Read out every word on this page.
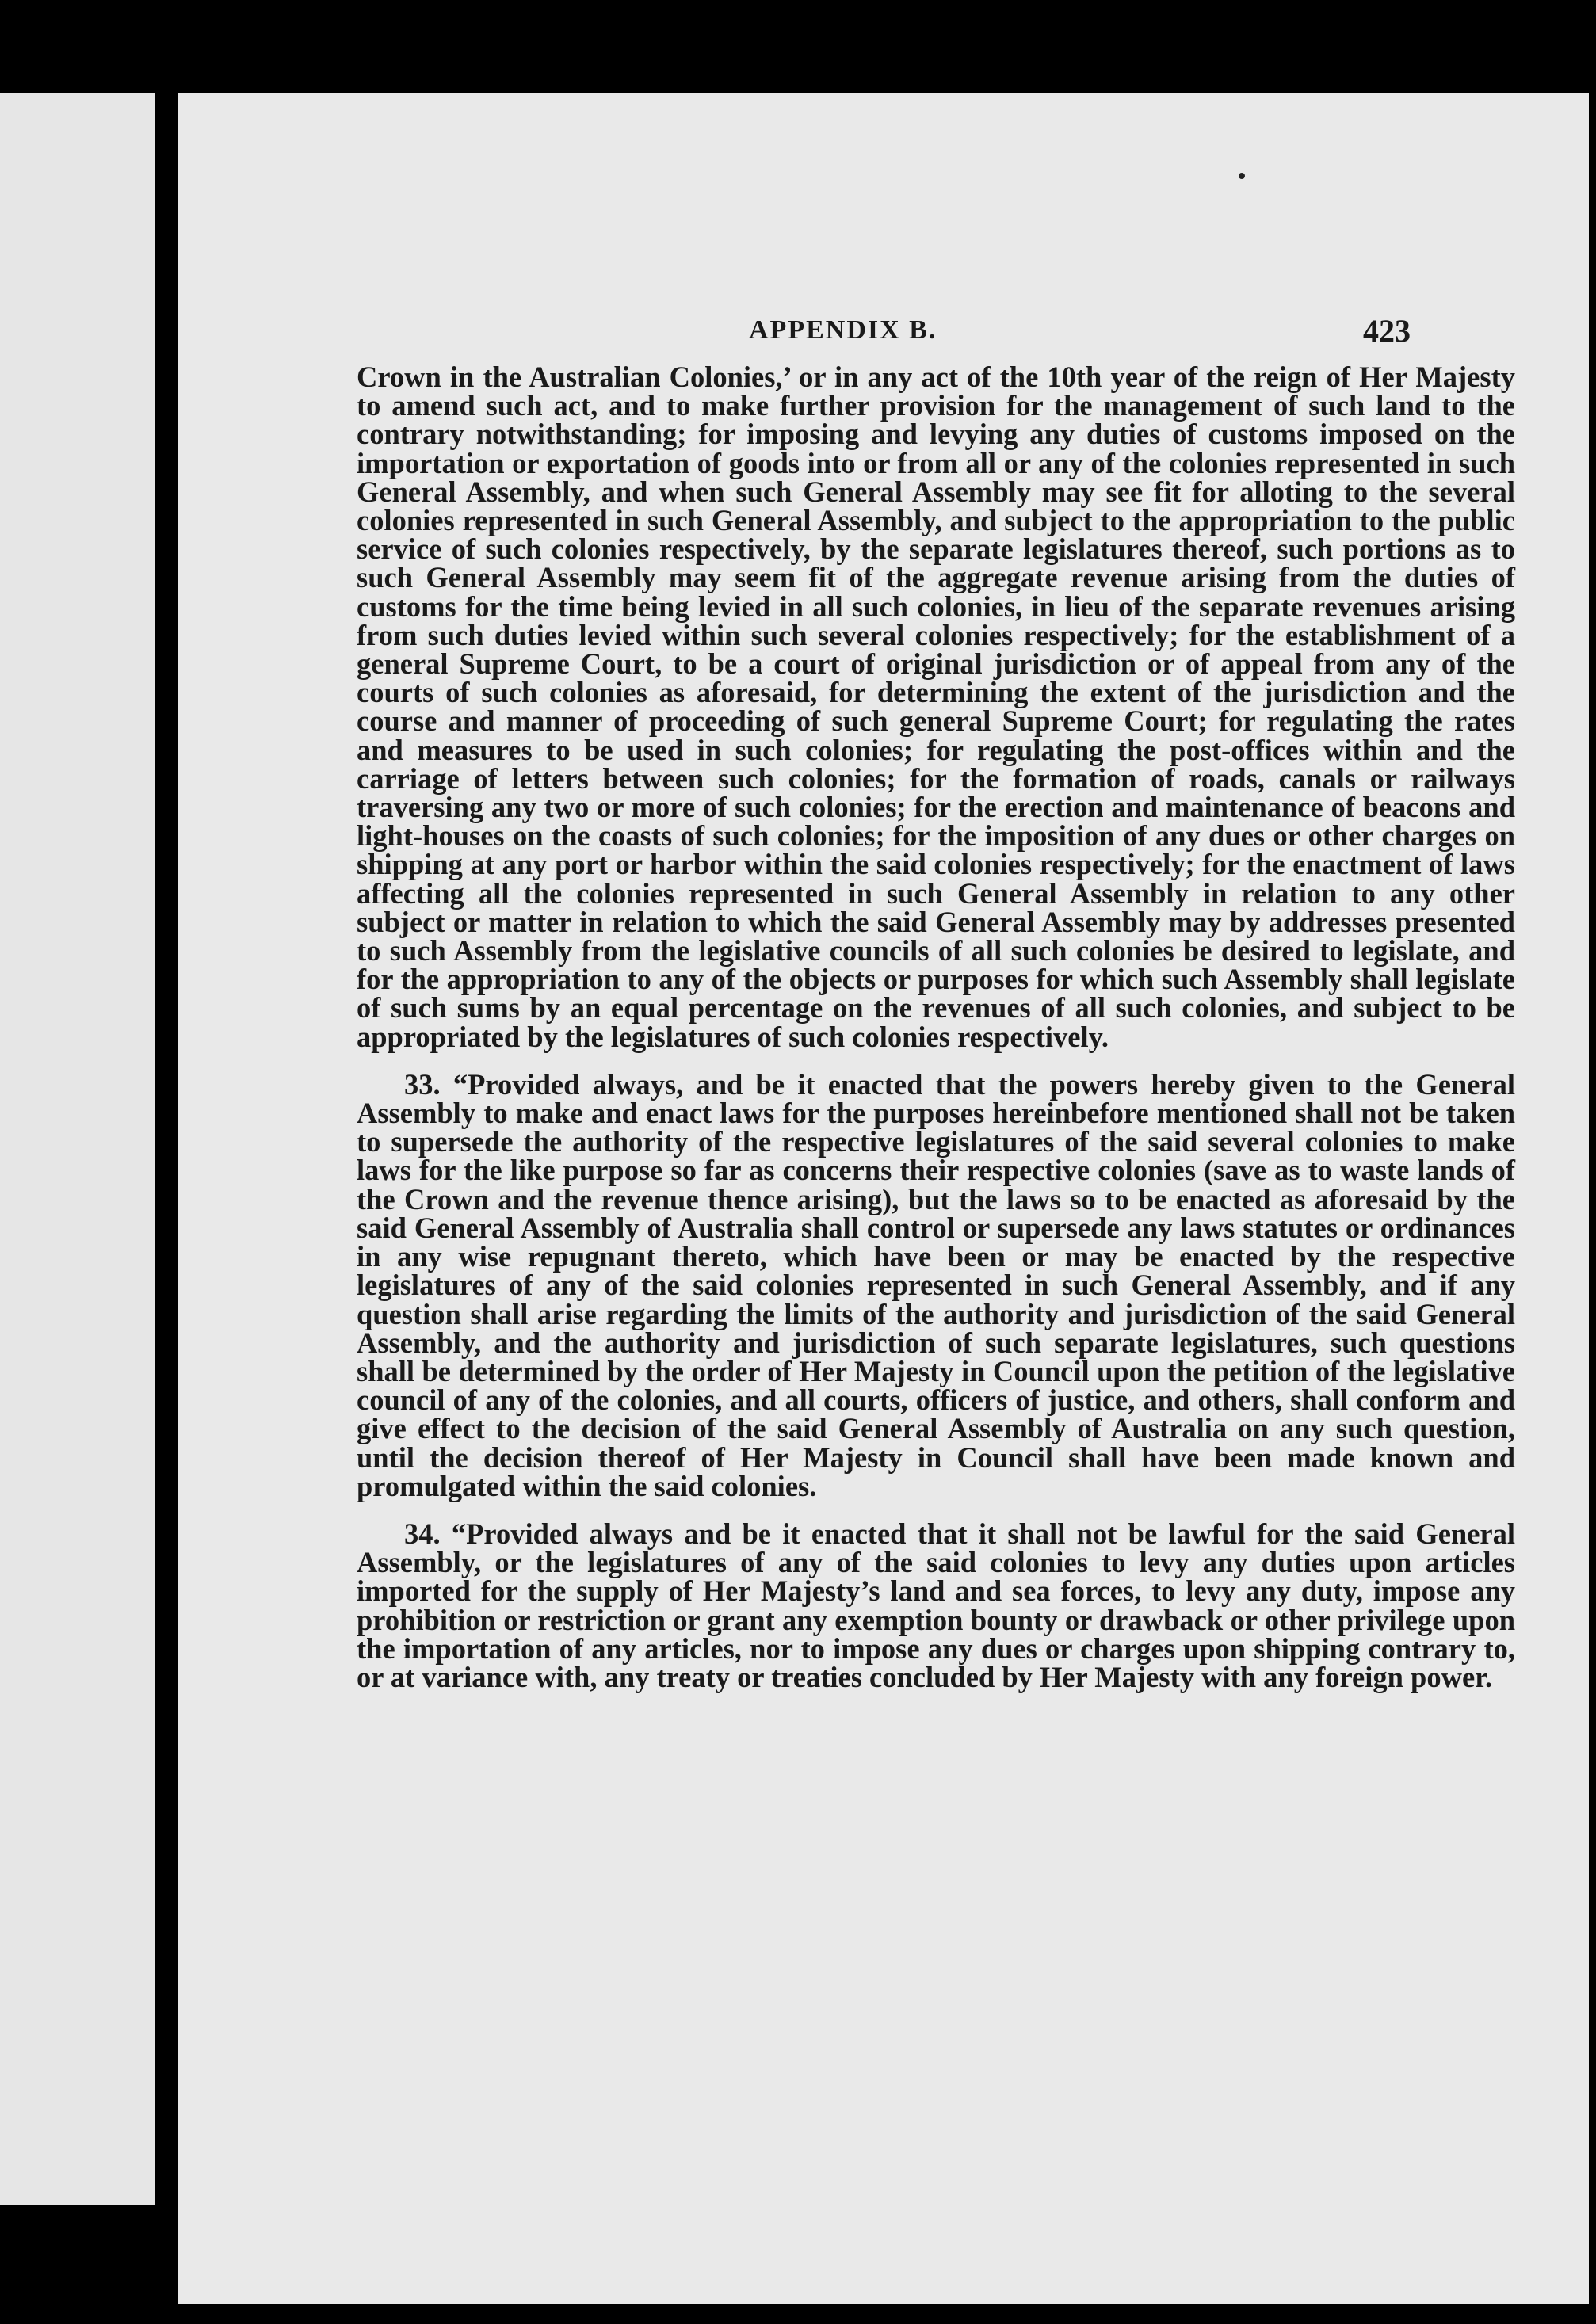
APPENDIX B.	423

Crown in the Australian Colonies,’ or in any act of the 10th year of the reign of Her Majesty to amend such act, and to make further provision for the management of such land to the contrary notwithstanding; for imposing and levying any duties of customs imposed on the importation or exportation of goods into or from all or any of the colonies represented in such General Assembly, and when such General Assembly may see fit for alloting to the several colonies represented in such General Assembly, and subject to the appropriation to the public service of such colonies respectively, by the separate legislatures thereof, such portions as to such General Assembly may seem fit of the aggregate revenue arising from the duties of customs for the time being levied in all such colonies, in lieu of the separate revenues arising from such duties levied within such several colonies respectively; for the establishment of a general Supreme Court, to be a court of original jurisdiction or of appeal from any of the courts of such colonies as aforesaid, for determining the extent of the jurisdiction and the course and manner of proceeding of such general Supreme Court; for regulating the rates and measures to be used in such colonies; for regulating the post-offices within and the carriage of letters between such colonies; for the formation of roads, canals or railways traversing any two or more of such colonies; for the erection and maintenance of beacons and light-houses on the coasts of such colonies; for the imposition of any dues or other charges on shipping at any port or harbor within the said colonies respectively; for the enactment of laws affecting all the colonies represented in such General Assembly in relation to any other subject or matter in relation to which the said General Assembly may by addresses presented to such Assembly from the legislative councils of all such colonies be desired to legislate, and for the appropriation to any of the objects or purposes for which such Assembly shall legislate of such sums by an equal percentage on the revenues of all such colonies, and subject to be appropriated by the legislatures of such colonies respectively.

33. “Provided always, and be it enacted that the powers hereby given to the General Assembly to make and enact laws for the purposes hereinbefore mentioned shall not be taken to supersede the authority of the respective legislatures of the said several colonies to make laws for the like purpose so far as concerns their respective colonies (save as to waste lands of the Crown and the revenue thence arising), but the laws so to be enacted as aforesaid by the said General Assembly of Australia shall control or supersede any laws statutes or ordinances in any wise repugnant thereto, which have been or may be enacted by the respective legislatures of any of the said colonies represented in such General Assembly, and if any question shall arise regarding the limits of the authority and jurisdiction of the said General Assembly, and the authority and jurisdiction of such separate legislatures, such questions shall be determined by the order of Her Majesty in Council upon the petition of the legislative council of any of the colonies, and all courts, officers of justice, and others, shall conform and give effect to the decision of the said General Assembly of Australia on any such question, until the decision thereof of Her Majesty in Council shall have been made known and promulgated within the said colonies.

34. “Provided always and be it enacted that it shall not be lawful for the said General Assembly, or the legislatures of any of the said colonies to levy any duties upon articles imported for the supply of Her Majesty’s land and sea forces, to levy any duty, impose any prohibition or restriction or grant any exemption bounty or drawback or other privilege upon the importation of any articles, nor to impose any dues or charges upon shipping contrary to, or at variance with, any treaty or treaties concluded by Her Majesty with any foreign power.
